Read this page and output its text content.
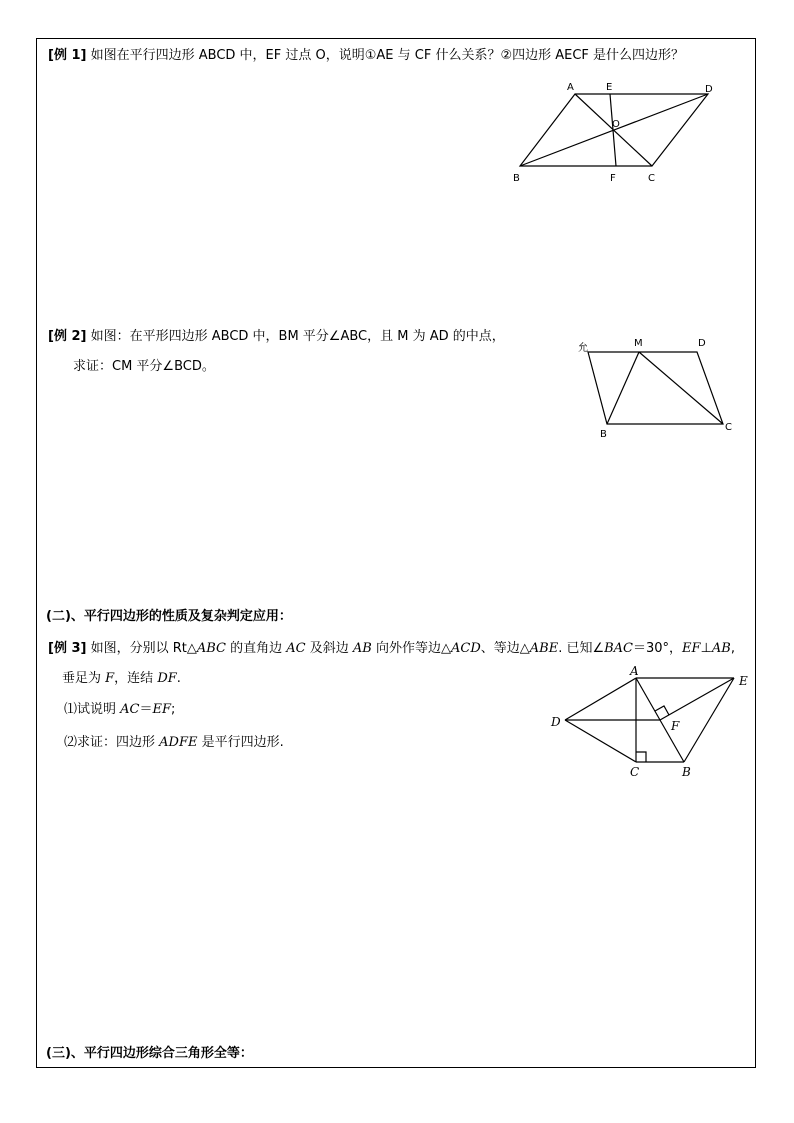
[例 1] 如图在平行四边形 ABCD 中，EF 过点 O，说明①AE 与 CF 什么关系？②四边形 AECF 是什么四边形？
A	E	D
O
B	F	C
[例 2] 如图：在平形四边形 ABCD 中，BM 平分∠ABC，且 M 为 AD 的中点，
求证：CM 平分∠BCD。
允	M	D
B
C
(二)、平行四边形的性质及复杂判定应用：
[例 3] 如图，分别以 Rt△ABC 的直角边 AC 及斜边 AB 向外作等边△ACD、等边△ABE. 已知∠BAC＝30°，EF⊥AB,
垂足为 F，连结 DF.
⑴试说明 AC＝EF;
⑵求证：四边形 ADFE 是平行四边形.
A
E
D	F
C	B
(三)、平行四边形综合三角形全等：
